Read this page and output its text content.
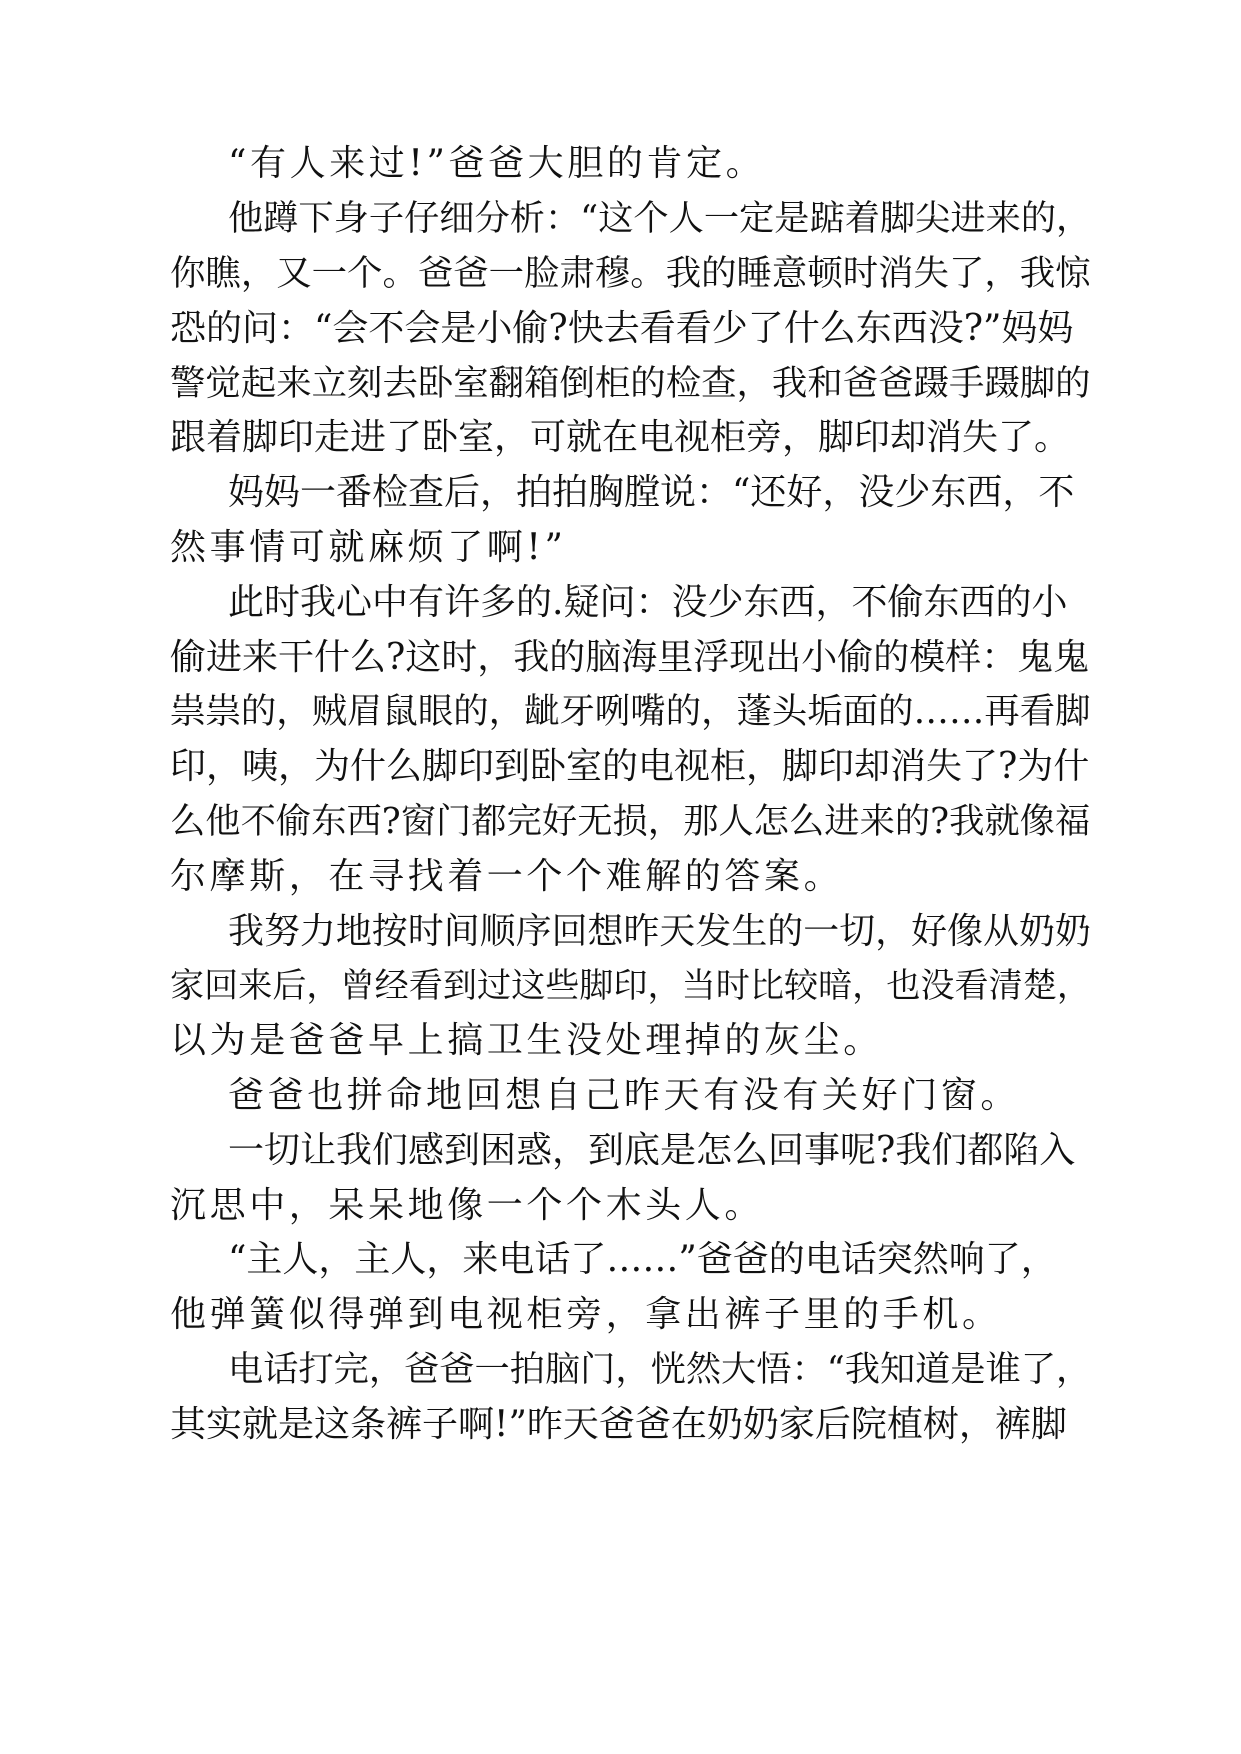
“有人来过!”爸爸大胆的肯定。
他蹲下身子仔细分析：“这个人一定是踮着脚尖进来的，
你瞧，又一个。爸爸一脸肃穆。我的睡意顿时消失了，我惊
恐的问：“会不会是小偷?快去看看少了什么东西没?”妈妈
警觉起来立刻去卧室翻箱倒柜的检查，我和爸爸蹑手蹑脚的
跟着脚印走进了卧室，可就在电视柜旁，脚印却消失了。
妈妈一番检查后，拍拍胸膛说：“还好，没少东西，不
然事情可就麻烦了啊!”
此时我心中有许多的.疑问：没少东西，不偷东西的小
偷进来干什么?这时，我的脑海里浮现出小偷的模样：鬼鬼
祟祟的，贼眉鼠眼的，龇牙咧嘴的，蓬头垢面的……再看脚
印，咦，为什么脚印到卧室的电视柜，脚印却消失了?为什
么他不偷东西?窗门都完好无损，那人怎么进来的?我就像福
尔摩斯，在寻找着一个个难解的答案。
我努力地按时间顺序回想昨天发生的一切，好像从奶奶
家回来后，曾经看到过这些脚印，当时比较暗，也没看清楚，
以为是爸爸早上搞卫生没处理掉的灰尘。
爸爸也拼命地回想自己昨天有没有关好门窗。
一切让我们感到困惑，到底是怎么回事呢?我们都陷入
沉思中，呆呆地像一个个木头人。
“主人，主人，来电话了……”爸爸的电话突然响了，
他弹簧似得弹到电视柜旁，拿出裤子里的手机。
电话打完，爸爸一拍脑门，恍然大悟：“我知道是谁了，
其实就是这条裤子啊!”昨天爸爸在奶奶家后院植树，裤脚
